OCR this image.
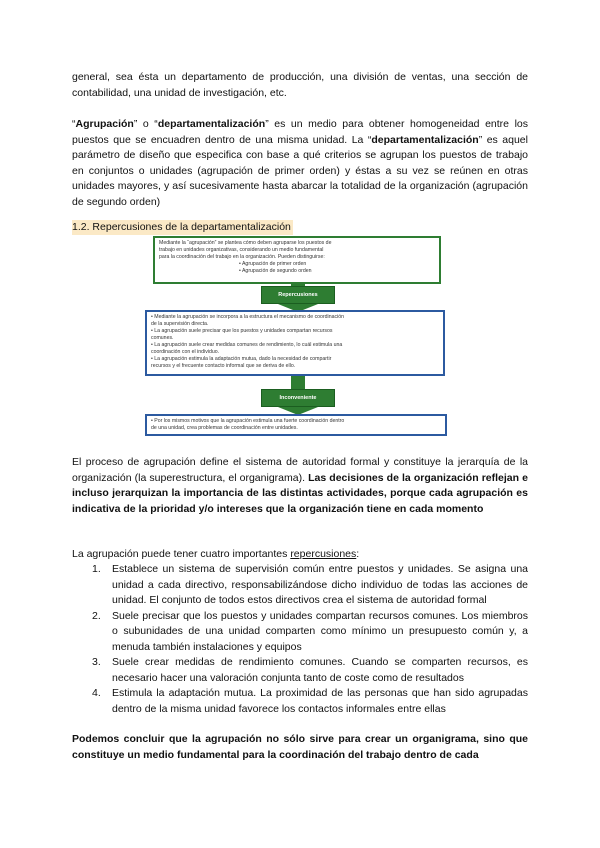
general, sea ésta un departamento de producción, una división de ventas, una sección de contabilidad, una unidad de investigación, etc.

“Agrupación” o “departamentalización” es un medio para obtener homogeneidad entre los puestos que se encuadren dentro de una misma unidad. La “departamentalización” es aquel parámetro de diseño que especifica con base a qué criterios se agrupan los puestos de trabajo en conjuntos o unidades (agrupación de primer orden) y éstas a su vez se reúnen en otras unidades mayores, y así sucesivamente hasta abarcar la totalidad de la organización (agrupación de segundo orden)

1.2. Repercusiones de la departamentalización

Mediante la “agrupación” se plantea cómo deben agruparse los puestos de
trabajo en unidades organizativas, considerando un medio fundamental
para la coordinación del trabajo en la organización. Pueden distinguirse:
• Agrupación de primer orden
• Agrupación de segundo orden
Repercusiones
• Mediante la agrupación se incorpora a la estructura el mecanismo de coordinación
de la supervisión directa.
• La agrupación suele precisar que los puestos y unidades compartan recursos
comunes.
• La agrupación suele crear medidas comunes de rendimiento, lo cuál estimula una
coordinación con el individuo.
• La agrupación estimula la adaptación mutua, dado la necesidad de compartir
recursos y el frecuente contacto informal que se deriva de ello.
Inconveniente
• Por los mismos motivos que la agrupación estimula una fuerte coordinación dentro
de una unidad, crea problemas de coordinación entre unidades.

El proceso de agrupación define el sistema de autoridad formal y constituye la jerarquía de la organización (la superestructura, el organigrama). Las decisiones de la organización reflejan e incluso jerarquizan la importancia de las distintas actividades, porque cada agrupación es indicativa de la prioridad y/o intereses que la organización tiene en cada momento

La agrupación puede tener cuatro importantes repercusiones:

1. Establece un sistema de supervisión común entre puestos y unidades. Se asigna una unidad a cada directivo, responsabilizándose dicho individuo de todas las acciones de unidad. El conjunto de todos estos directivos crea el sistema de autoridad formal
2. Suele precisar que los puestos y unidades compartan recursos comunes. Los miembros o subunidades de una unidad comparten como mínimo un presupuesto común y, a menuda también instalaciones y equipos
3. Suele crear medidas de rendimiento comunes. Cuando se comparten recursos, es necesario hacer una valoración conjunta tanto de coste como de resultados
4. Estimula la adaptación mutua. La proximidad de las personas que han sido agrupadas dentro de la misma unidad favorece los contactos informales entre ellas

Podemos concluir que la agrupación no sólo sirve para crear un organigrama, sino que constituye un medio fundamental para la coordinación del trabajo dentro de cada
